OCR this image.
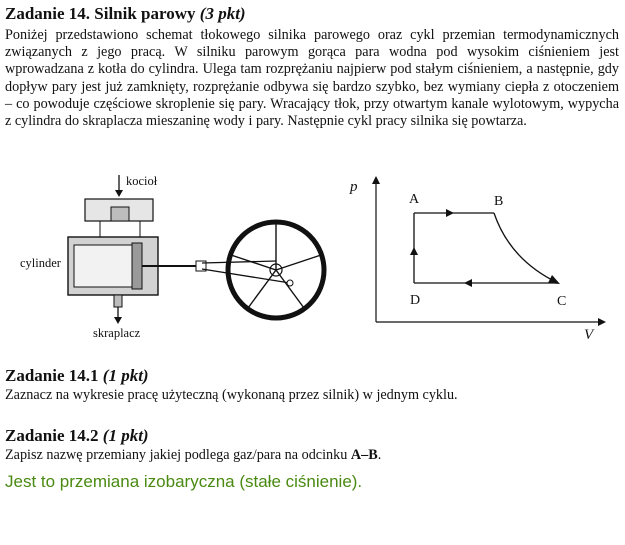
Zadanie 14. Silnik parowy (3 pkt)
Poniżej przedstawiono schemat tłokowego silnika parowego oraz cykl przemian termodynamicznych związanych z jego pracą. W silniku parowym gorąca para wodna pod wysokim ciśnieniem jest wprowadzana z kotła do cylindra. Ulega tam rozprężaniu najpierw pod stałym ciśnieniem, a następnie, gdy dopływ pary jest już zamknięty, rozprężanie odbywa się bardzo szybko, bez wymiany ciepła z otoczeniem – co powoduje częściowe skroplenie się pary. Wracający tłok, przy otwartym kanale wylotowym, wypycha z cylindra do skraplacza mieszaninę wody i pary. Następnie cykl pracy silnika się powtarza.
kocioł
cylinder
skraplacz
p
V
A	B
C
D
Zadanie 14.1 (1 pkt)
Zaznacz na wykresie pracę użyteczną (wykonaną przez silnik) w jednym cyklu.
Zadanie 14.2 (1 pkt)
Zapisz nazwę przemiany jakiej podlega gaz/para na odcinku A–B.
Jest to przemiana izobaryczna (stałe ciśnienie).
